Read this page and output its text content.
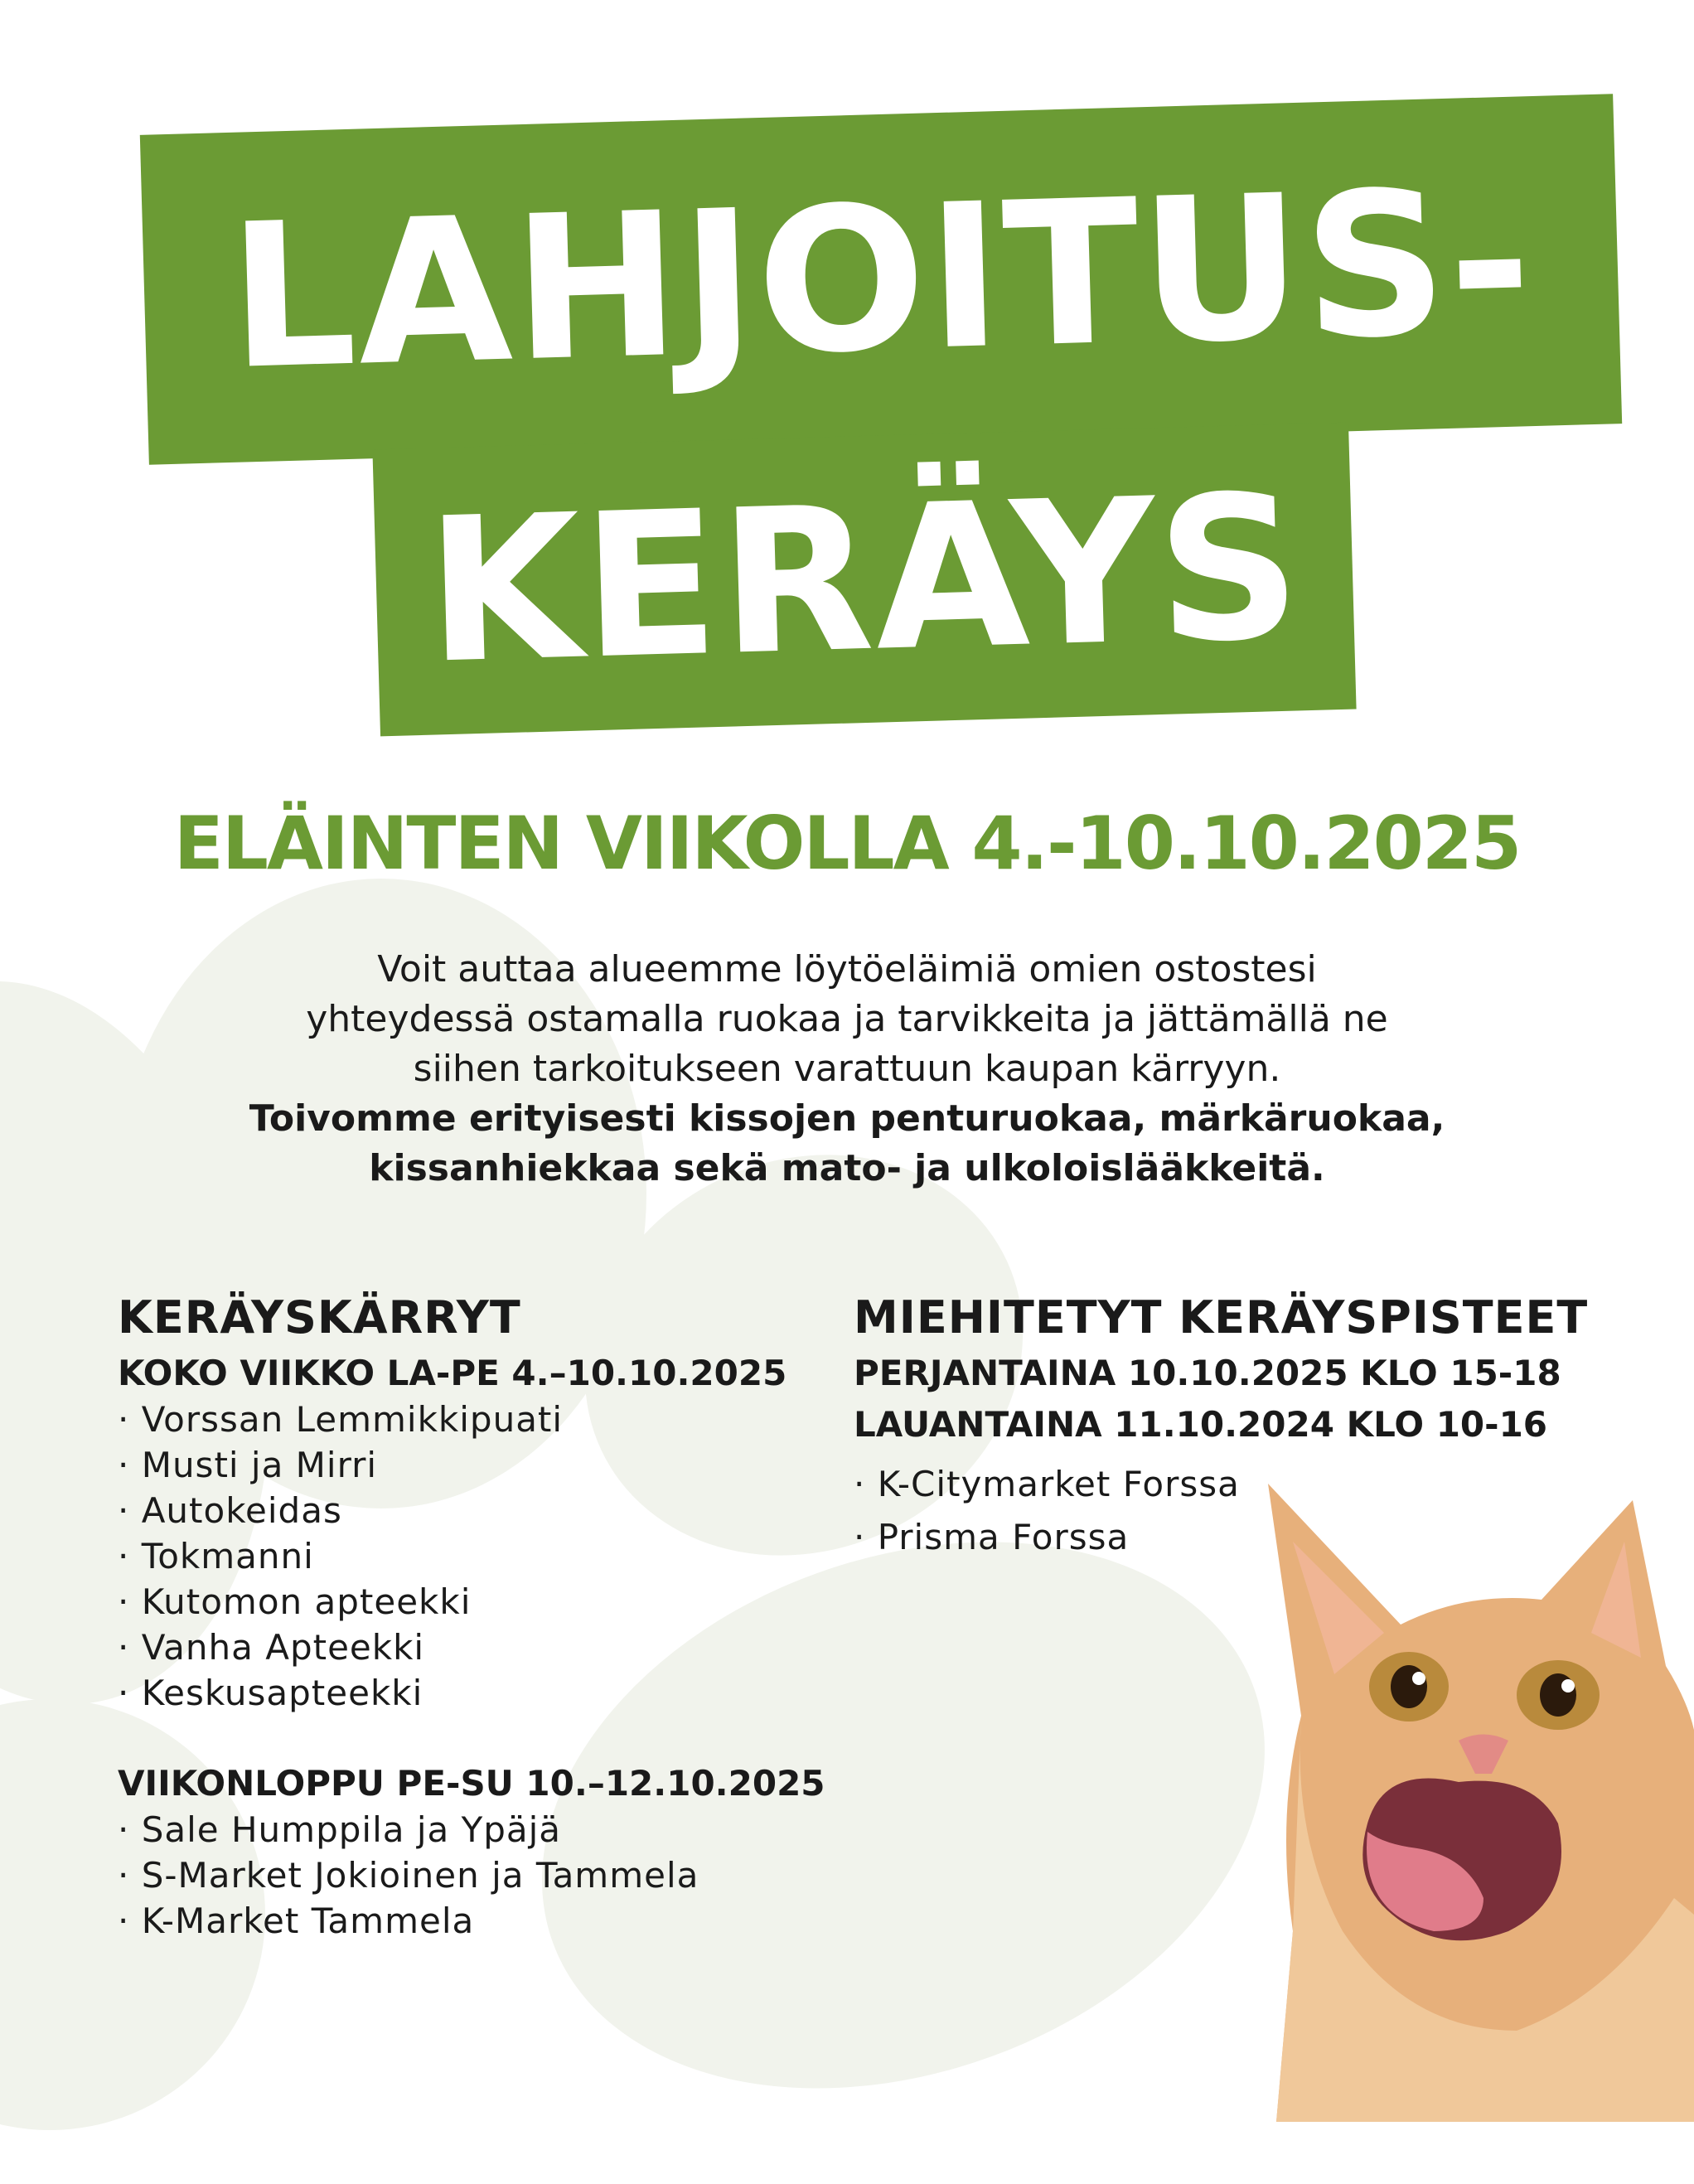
LAHJOITUS-
KERÄYS
ELÄINTEN VIIKOLLA 4.-10.10.2025

Voit auttaa alueemme löytöeläimiä omien ostostesi

yhteydessä ostamalla ruokaa ja tarvikkeita ja jättämällä ne

siihen tarkoitukseen varattuun kaupan kärryyn.

Toivomme erityisesti kissojen penturuokaa, märkäruokaa,

kissanhiekkaa sekä mato- ja ulkoloislääkkeitä.

KERÄYSKÄRRYT
KOKO VIIKKO LA-PE 4.–10.10.2025
· Vorssan Lemmikkipuati
· Musti ja Mirri
· Autokeidas
· Tokmanni
· Kutomon apteekki
· Vanha Apteekki
· Keskusapteekki
VIIKONLOPPU PE-SU 10.–12.10.2025
· Sale Humppila ja Ypäjä
· S-Market Jokioinen ja Tammela
· K-Market Tammela
MIEHITETYT KERÄYSPISTEET
PERJANTAINA 10.10.2025 KLO 15-18
LAUANTAINA 11.10.2024 KLO 10-16
· K-Citymarket Forssa
· Prisma Forssa
